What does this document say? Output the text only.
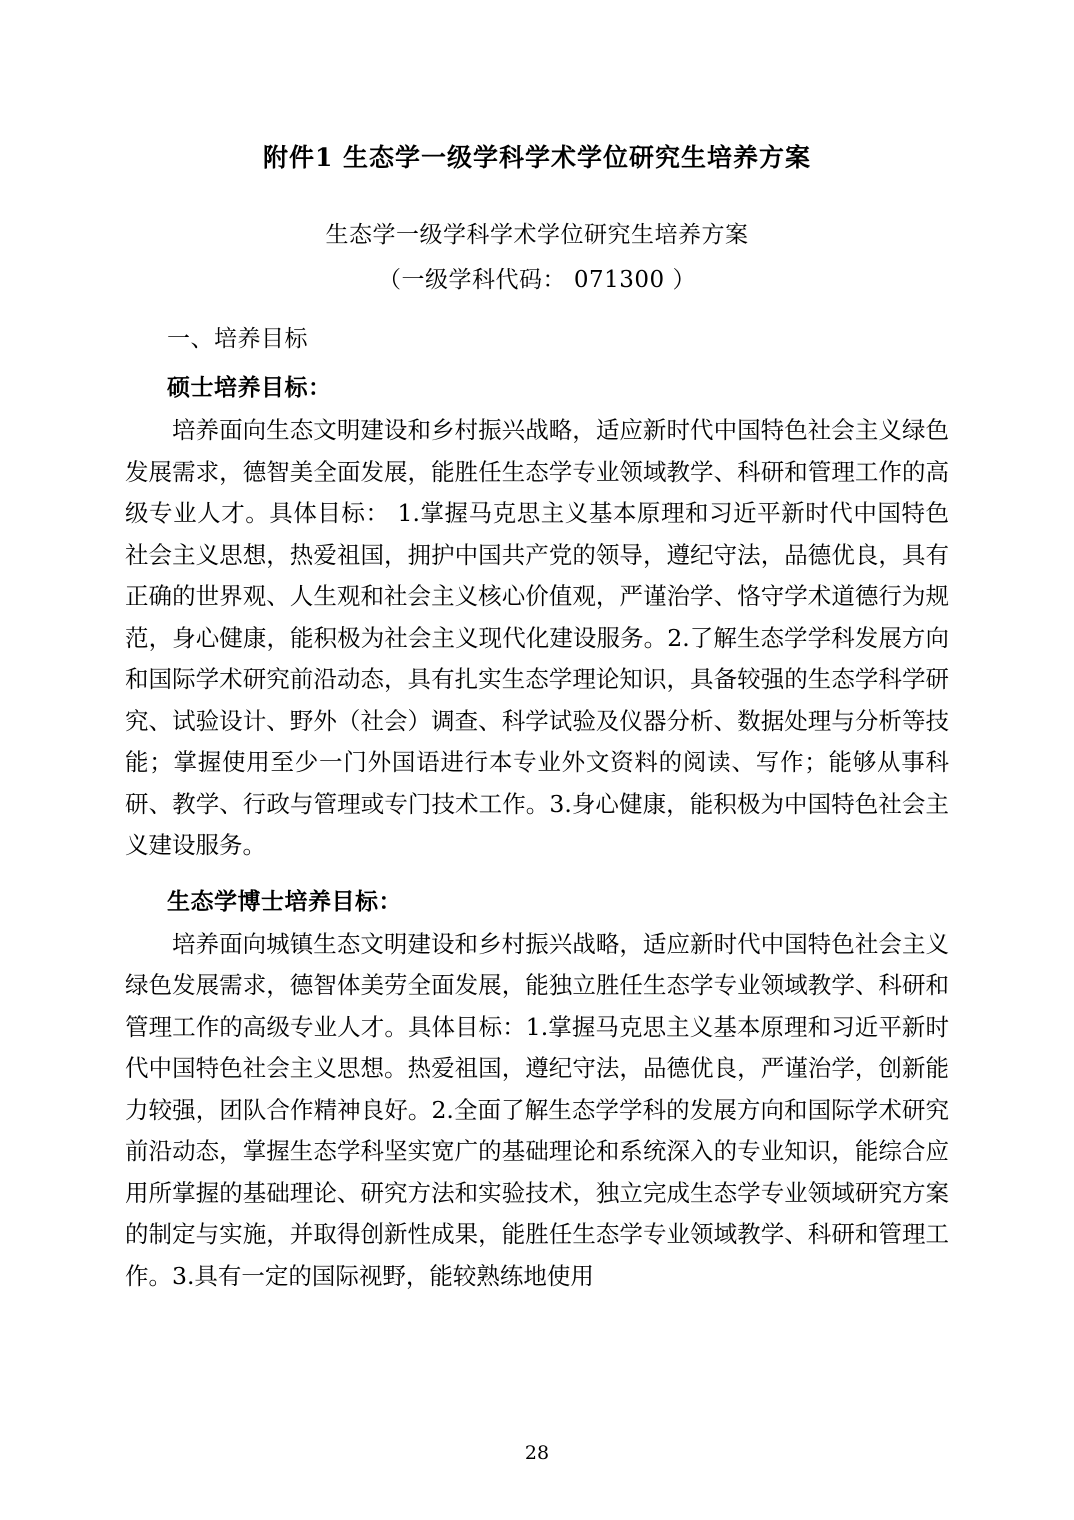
附件1 生态学一级学科学术学位研究生培养方案

生态学一级学科学术学位研究生培养方案

（一级学科代码： 071300 ）

一、培养目标

硕士培养目标：

培养面向生态文明建设和乡村振兴战略，适应新时代中国特色社会主义绿色发展需求，德智美全面发展，能胜任生态学专业领域教学、科研和管理工作的高级专业人才。具体目标： 1.掌握马克思主义基本原理和习近平新时代中国特色社会主义思想，热爱祖国，拥护中国共产党的领导，遵纪守法，品德优良，具有正确的世界观、人生观和社会主义核心价值观，严谨治学、恪守学术道德行为规范，身心健康，能积极为社会主义现代化建设服务。2.了解生态学学科发展方向和国际学术研究前沿动态，具有扎实生态学理论知识，具备较强的生态学科学研究、试验设计、野外（社会）调查、科学试验及仪器分析、数据处理与分析等技能；掌握使用至少一门外国语进行本专业外文资料的阅读、写作；能够从事科研、教学、行政与管理或专门技术工作。3.身心健康，能积极为中国特色社会主义建设服务。

生态学博士培养目标：

培养面向城镇生态文明建设和乡村振兴战略，适应新时代中国特色社会主义绿色发展需求，德智体美劳全面发展，能独立胜任生态学专业领域教学、科研和管理工作的高级专业人才。具体目标：1.掌握马克思主义基本原理和习近平新时代中国特色社会主义思想。热爱祖国，遵纪守法，品德优良，严谨治学，创新能力较强，团队合作精神良好。2.全面了解生态学学科的发展方向和国际学术研究前沿动态，掌握生态学科坚实宽广的基础理论和系统深入的专业知识，能综合应用所掌握的基础理论、研究方法和实验技术，独立完成生态学专业领域研究方案的制定与实施，并取得创新性成果，能胜任生态学专业领域教学、科研和管理工作。3.具有一定的国际视野，能较熟练地使用

28
